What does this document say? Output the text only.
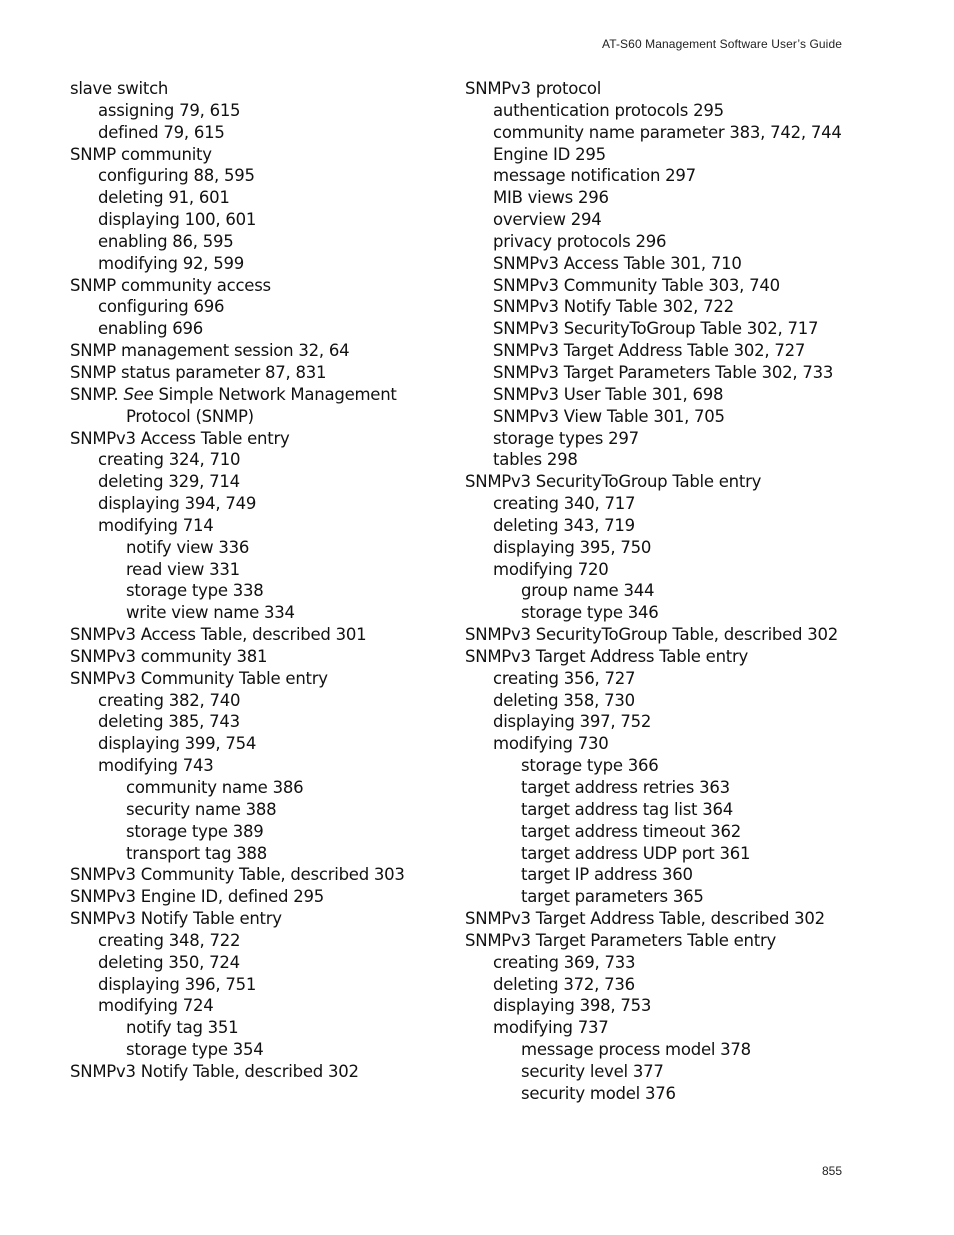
AT-S60 Management Software User’s Guide
slave switch
assigning 79, 615
defined 79, 615
SNMP community
configuring 88, 595
deleting 91, 601
displaying 100, 601
enabling 86, 595
modifying 92, 599
SNMP community access
configuring 696
enabling 696
SNMP management session 32, 64
SNMP status parameter 87, 831
SNMP. See Simple Network Management
Protocol (SNMP)
SNMPv3 Access Table entry
creating 324, 710
deleting 329, 714
displaying 394, 749
modifying 714
notify view 336
read view 331
storage type 338
write view name 334
SNMPv3 Access Table, described 301
SNMPv3 community 381
SNMPv3 Community Table entry
creating 382, 740
deleting 385, 743
displaying 399, 754
modifying 743
community name 386
security name 388
storage type 389
transport tag 388
SNMPv3 Community Table, described 303
SNMPv3 Engine ID, defined 295
SNMPv3 Notify Table entry
creating 348, 722
deleting 350, 724
displaying 396, 751
modifying 724
notify tag 351
storage type 354
SNMPv3 Notify Table, described 302
SNMPv3 protocol
authentication protocols 295
community name parameter 383, 742, 744
Engine ID 295
message notification 297
MIB views 296
overview 294
privacy protocols 296
SNMPv3 Access Table 301, 710
SNMPv3 Community Table 303, 740
SNMPv3 Notify Table 302, 722
SNMPv3 SecurityToGroup Table 302, 717
SNMPv3 Target Address Table 302, 727
SNMPv3 Target Parameters Table 302, 733
SNMPv3 User Table 301, 698
SNMPv3 View Table 301, 705
storage types 297
tables 298
SNMPv3 SecurityToGroup Table entry
creating 340, 717
deleting 343, 719
displaying 395, 750
modifying 720
group name 344
storage type 346
SNMPv3 SecurityToGroup Table, described 302
SNMPv3 Target Address Table entry
creating 356, 727
deleting 358, 730
displaying 397, 752
modifying 730
storage type 366
target address retries 363
target address tag list 364
target address timeout 362
target address UDP port 361
target IP address 360
target parameters 365
SNMPv3 Target Address Table, described 302
SNMPv3 Target Parameters Table entry
creating 369, 733
deleting 372, 736
displaying 398, 753
modifying 737
message process model 378
security level 377
security model 376
855
